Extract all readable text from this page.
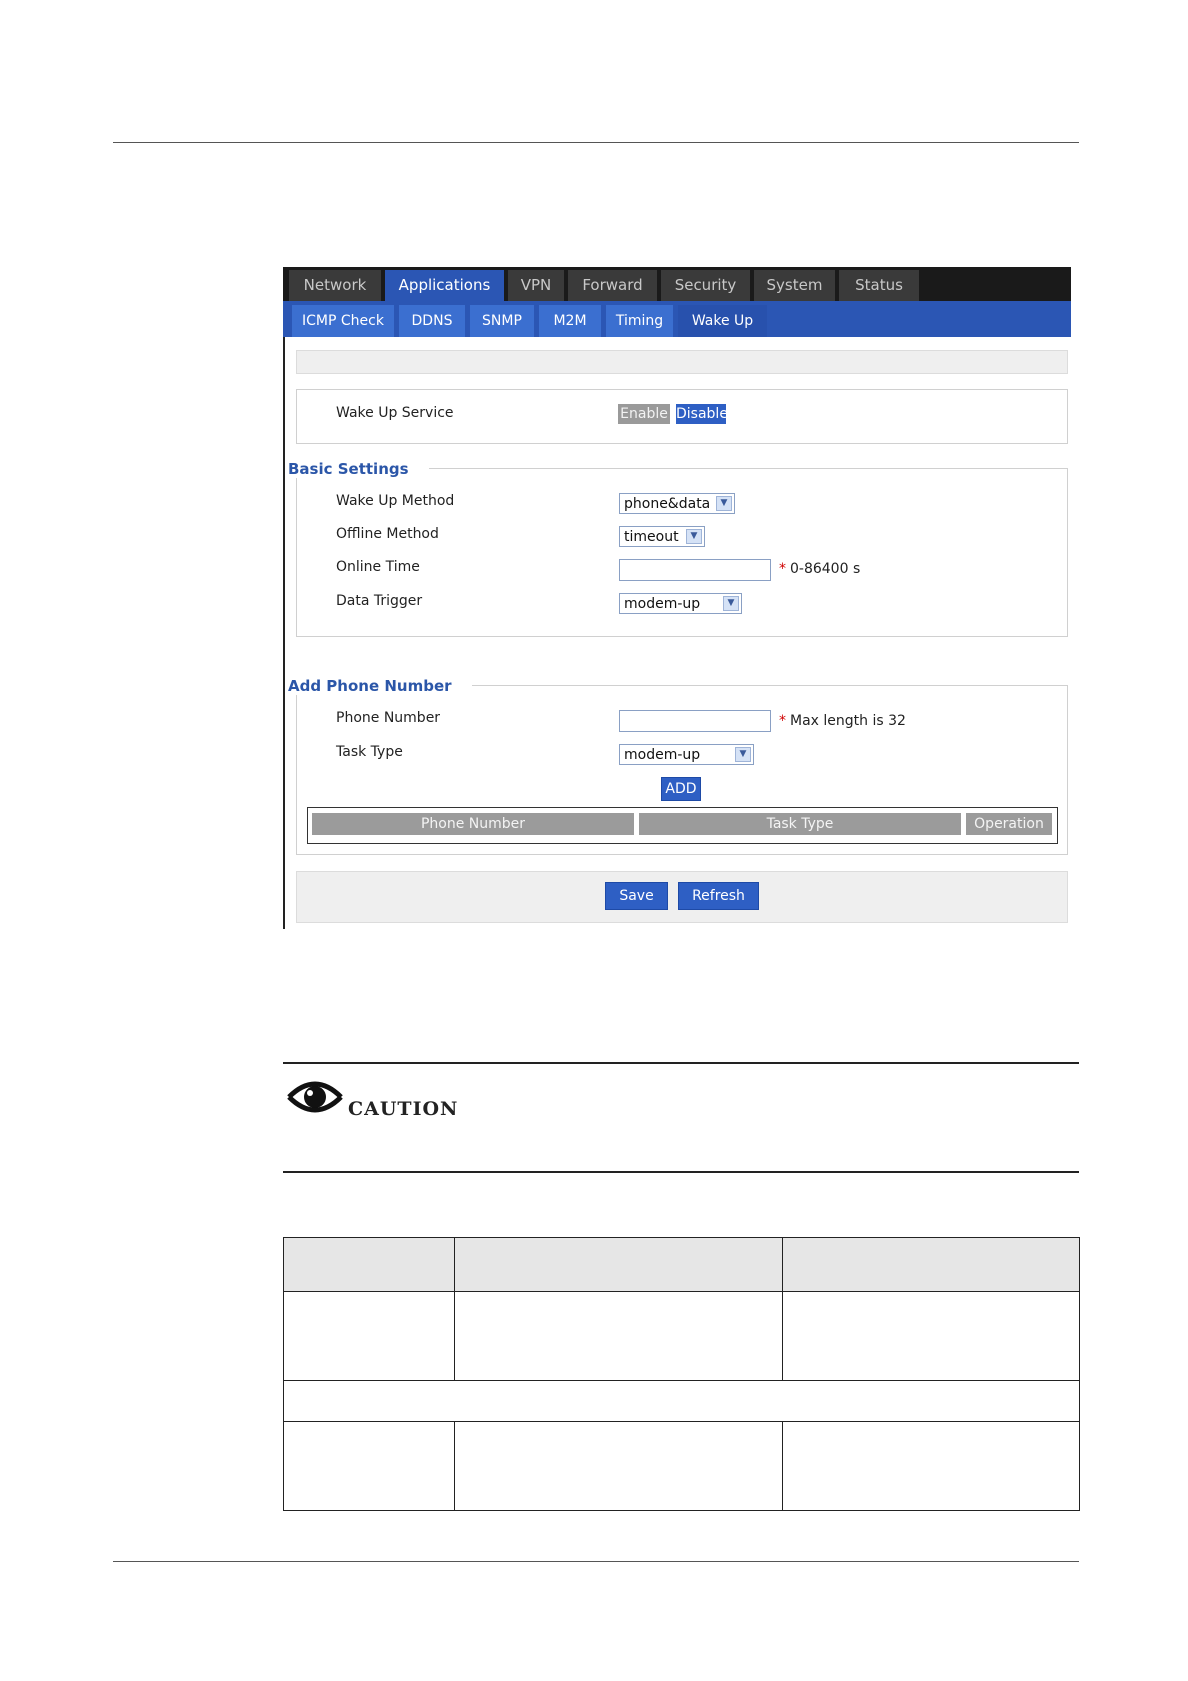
Network	Applications	VPN	Forward	Security	System	Status
ICMP Check	DDNS	SNMP	M2M	Timing	Wake Up
Wake Up Service	Enable Disable
Basic Settings
Wake Up Method	phone&data	▼
Offline Method	timeout	▼
Online Time	* 0-86400 s
Data Trigger	modem-up	▼
Add Phone Number
Phone Number	* Max length is 32
Task Type	modem-up	▼
ADD
Phone Number	Task Type	Operation
Save	Refresh
CAUTION
